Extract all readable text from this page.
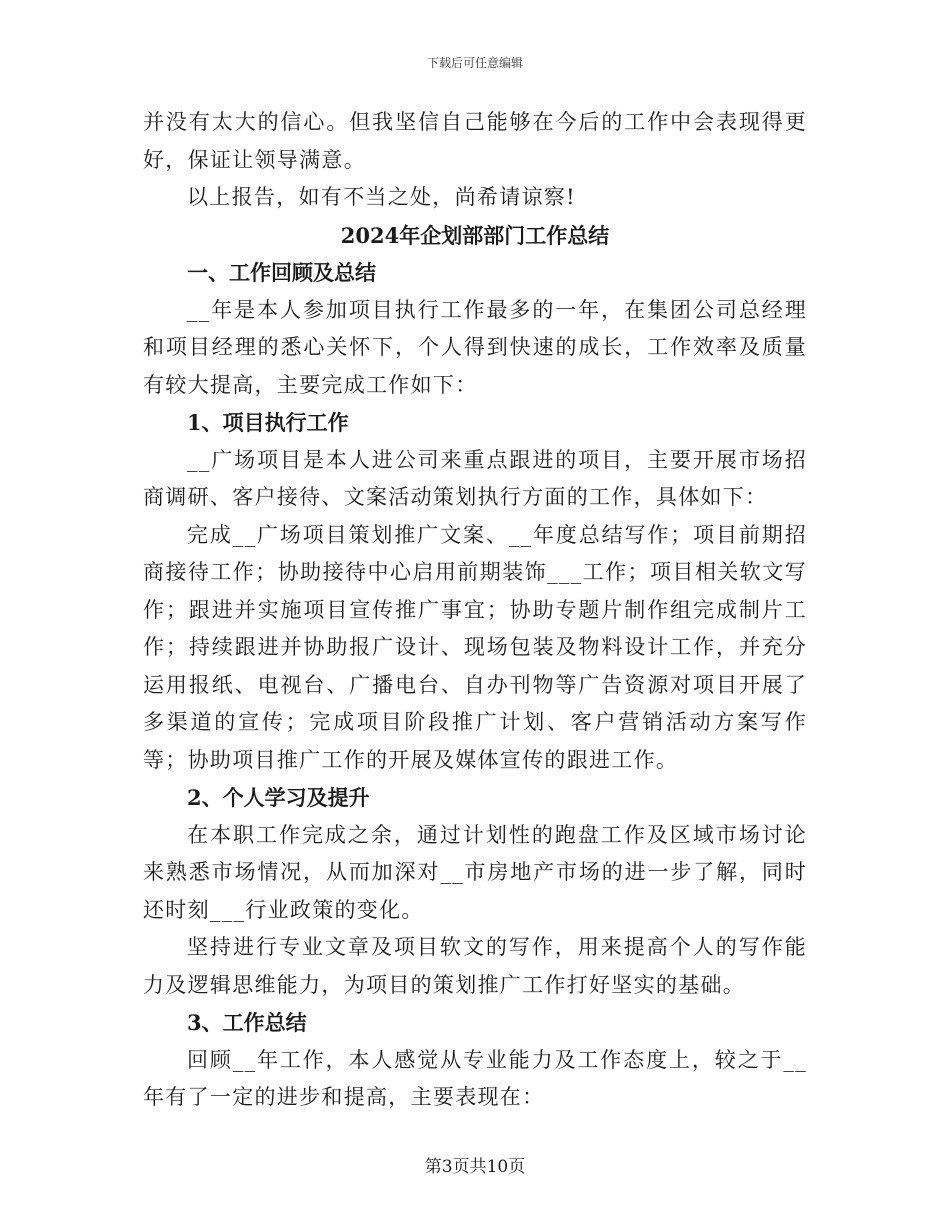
下载后可任意编辑

并没有太大的信心。但我坚信自己能够在今后的工作中会表现得更好，保证让领导满意。

以上报告，如有不当之处，尚希请谅察!

2024年企划部部门工作总结

一、工作回顾及总结

__年是本人参加项目执行工作最多的一年，在集团公司总经理和项目经理的悉心关怀下，个人得到快速的成长，工作效率及质量有较大提高，主要完成工作如下：

1、项目执行工作

__广场项目是本人进公司来重点跟进的项目，主要开展市场招商调研、客户接待、文案活动策划执行方面的工作，具体如下：

完成__广场项目策划推广文案、__年度总结写作；项目前期招商接待工作；协助接待中心启用前期装饰___工作；项目相关软文写作；跟进并实施项目宣传推广事宜；协助专题片制作组完成制片工作；持续跟进并协助报广设计、现场包装及物料设计工作，并充分运用报纸、电视台、广播电台、自办刊物等广告资源对项目开展了多渠道的宣传；完成项目阶段推广计划、客户营销活动方案写作等；协助项目推广工作的开展及媒体宣传的跟进工作。

2、个人学习及提升

在本职工作完成之余，通过计划性的跑盘工作及区域市场讨论来熟悉市场情况，从而加深对__市房地产市场的进一步了解，同时还时刻___行业政策的变化。

坚持进行专业文章及项目软文的写作，用来提高个人的写作能力及逻辑思维能力，为项目的策划推广工作打好坚实的基础。

3、工作总结

回顾__年工作，本人感觉从专业能力及工作态度上，较之于__年有了一定的进步和提高，主要表现在：

第3页共10页
